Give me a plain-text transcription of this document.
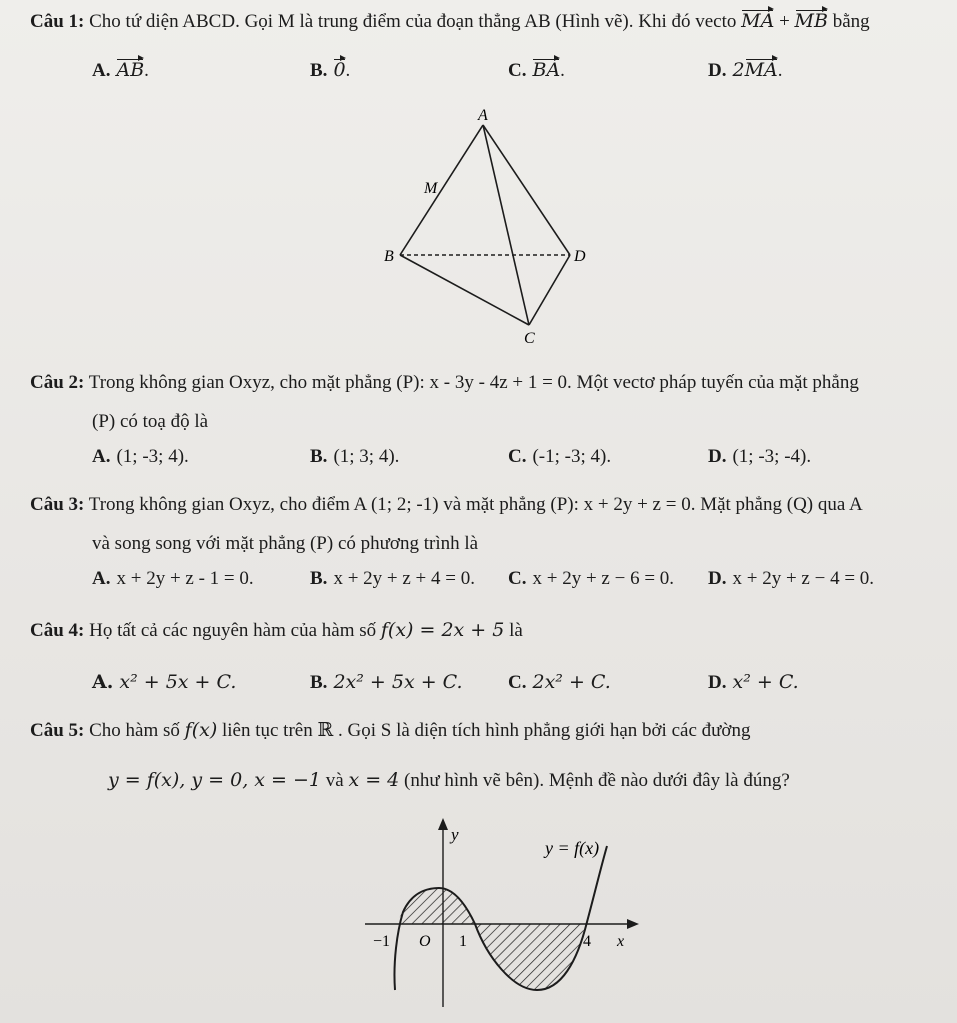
Câu 1: Cho tứ diện ABCD. Gọi M là trung điểm của đoạn thẳng AB (Hình vẽ). Khi đó vecto MA + MB bằng
A. AB.	B. 0.	C. BA.	D. 2MA.
A
M
B	D
C
Câu 2: Trong không gian Oxyz, cho mặt phẳng (P): x - 3y - 4z + 1 = 0. Một vectơ pháp tuyến của mặt phẳng
(P) có toạ độ là
A. (1; -3; 4).	B. (1; 3; 4).	C. (-1; -3; 4).	D. (1; -3; -4).
Câu 3: Trong không gian Oxyz, cho điểm A (1; 2; -1) và mặt phẳng (P): x + 2y + z = 0. Mặt phẳng (Q) qua A
và song song với mặt phẳng (P) có phương trình là
A. x + 2y + z - 1 = 0.	B. x + 2y + z + 4 = 0. C. x + 2y + z − 6 = 0. D. x + 2y + z − 4 = 0.
Câu 4: Họ tất cả các nguyên hàm của hàm số f(x) = 2x + 5 là
A. x² + 5x + C.	B. 2x² + 5x + C. C. 2x² + C.	D. x² + C.
Câu 5: Cho hàm số f(x) liên tục trên ℝ . Gọi S là diện tích hình phẳng giới hạn bởi các đường
y = f(x), y = 0, x = −1 và x = 4 (như hình vẽ bên). Mệnh đề nào dưới đây là đúng?
y
y = f(x)
x
O
−1	1	4
